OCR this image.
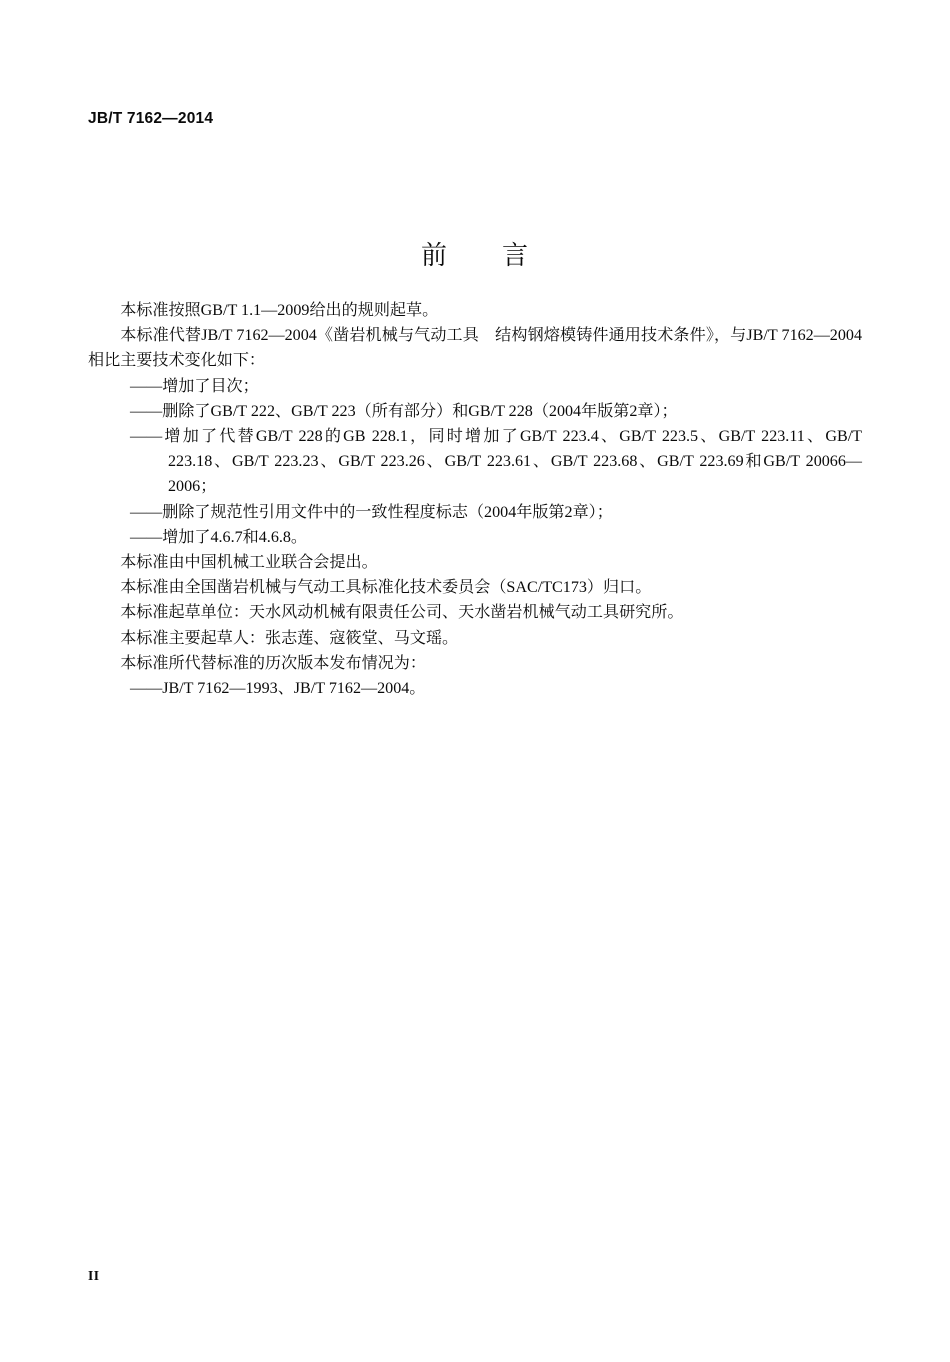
JB/T 7162—2014
前　　言

本标准按照GB/T 1.1—2009给出的规则起草。

本标准代替JB/T 7162—2004《凿岩机械与气动工具　结构钢熔模铸件通用技术条件》，与JB/T 7162—2004相比主要技术变化如下：

——增加了目次；

——删除了GB/T 222、GB/T 223（所有部分）和GB/T 228（2004年版第2章）；

——增加了代替GB/T 228的GB 228.1，同时增加了GB/T 223.4、GB/T 223.5、GB/T 223.11、GB/T 223.18、GB/T 223.23、GB/T 223.26、GB/T 223.61、GB/T 223.68、GB/T 223.69和GB/T 20066—2006；

——删除了规范性引用文件中的一致性程度标志（2004年版第2章）；

——增加了4.6.7和4.6.8。

本标准由中国机械工业联合会提出。

本标准由全国凿岩机械与气动工具标准化技术委员会（SAC/TC173）归口。

本标准起草单位：天水风动机械有限责任公司、天水凿岩机械气动工具研究所。

本标准主要起草人：张志莲、寇筱堂、马文瑶。

本标准所代替标准的历次版本发布情况为：

——JB/T 7162—1993、JB/T 7162—2004。

II
